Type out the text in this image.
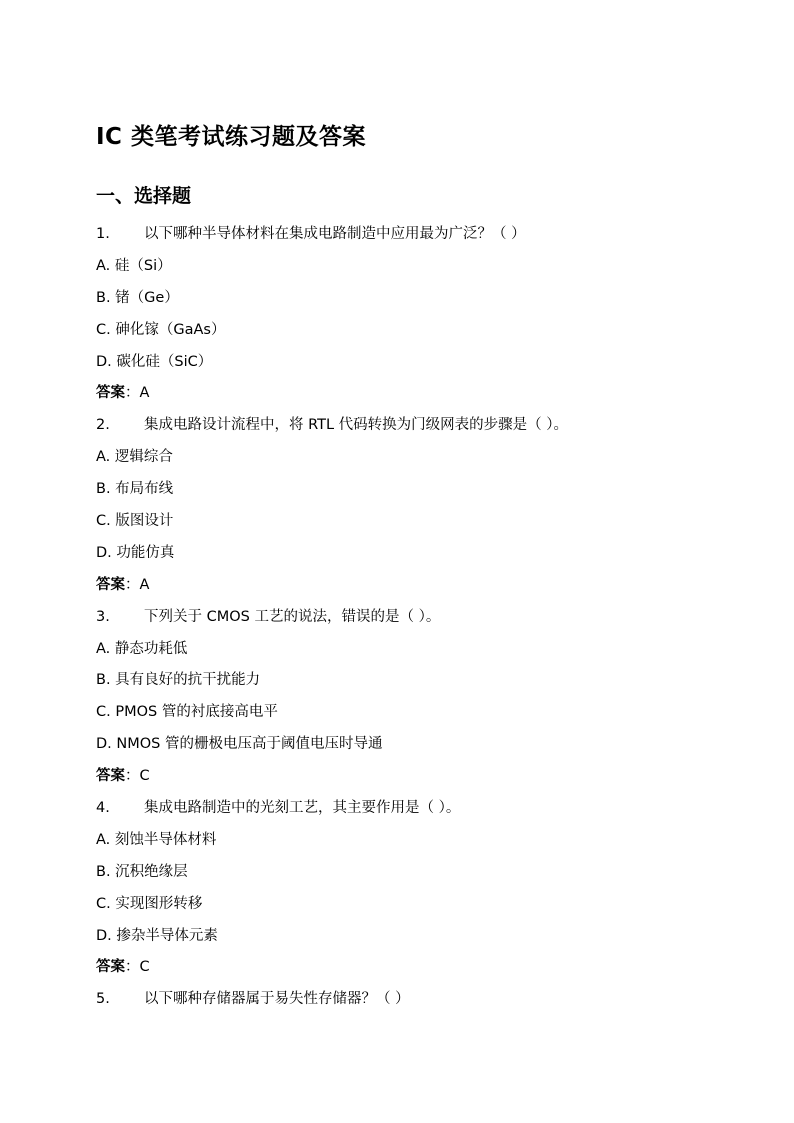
IC 类笔考试练习题及答案
一、选择题
1. 以下哪种半导体材料在集成电路制造中应用最为广泛？（ ）
A. 硅（Si）
B. 锗（Ge）
C. 砷化镓（GaAs）
D. 碳化硅（SiC）
答案：A
2. 集成电路设计流程中，将 RTL 代码转换为门级网表的步骤是（ ）。
A. 逻辑综合
B. 布局布线
C. 版图设计
D. 功能仿真
答案：A
3. 下列关于 CMOS 工艺的说法，错误的是（ ）。
A. 静态功耗低
B. 具有良好的抗干扰能力
C. PMOS 管的衬底接高电平
D. NMOS 管的栅极电压高于阈值电压时导通
答案：C
4. 集成电路制造中的光刻工艺，其主要作用是（ ）。
A. 刻蚀半导体材料
B. 沉积绝缘层
C. 实现图形转移
D. 掺杂半导体元素
答案：C
5. 以下哪种存储器属于易失性存储器？（ ）
